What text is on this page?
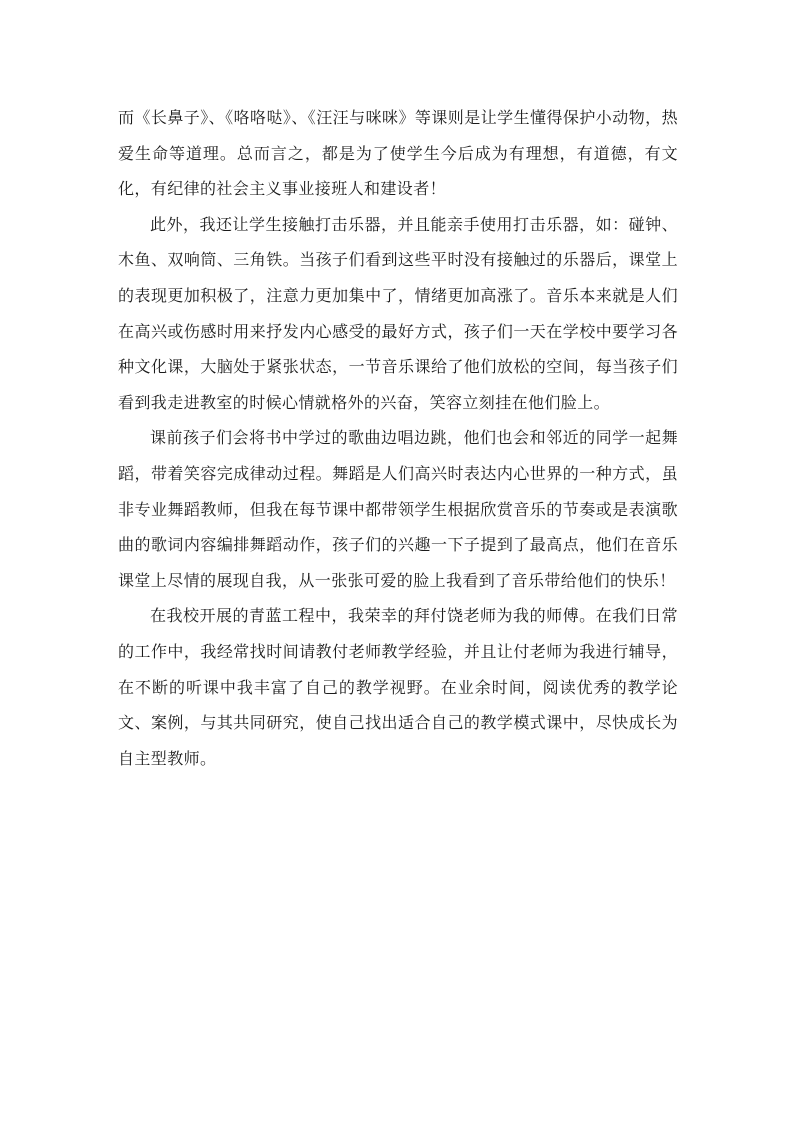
而《长鼻子》、《咯咯哒》、《汪汪与咪咪》等课则是让学生懂得保护小动物，热爱生命等道理。总而言之，都是为了使学生今后成为有理想，有道德，有文化，有纪律的社会主义事业接班人和建设者！

此外，我还让学生接触打击乐器，并且能亲手使用打击乐器，如：碰钟、木鱼、双响筒、三角铁。当孩子们看到这些平时没有接触过的乐器后，课堂上的表现更加积极了，注意力更加集中了，情绪更加高涨了。音乐本来就是人们在高兴或伤感时用来抒发内心感受的最好方式，孩子们一天在学校中要学习各种文化课，大脑处于紧张状态，一节音乐课给了他们放松的空间，每当孩子们看到我走进教室的时候心情就格外的兴奋，笑容立刻挂在他们脸上。

课前孩子们会将书中学过的歌曲边唱边跳，他们也会和邻近的同学一起舞蹈，带着笑容完成律动过程。舞蹈是人们高兴时表达内心世界的一种方式，虽非专业舞蹈教师，但我在每节课中都带领学生根据欣赏音乐的节奏或是表演歌曲的歌词内容编排舞蹈动作，孩子们的兴趣一下子提到了最高点，他们在音乐课堂上尽情的展现自我，从一张张可爱的脸上我看到了音乐带给他们的快乐！

在我校开展的青蓝工程中，我荣幸的拜付饶老师为我的师傅。在我们日常的工作中，我经常找时间请教付老师教学经验，并且让付老师为我进行辅导，在不断的听课中我丰富了自己的教学视野。在业余时间，阅读优秀的教学论文、案例，与其共同研究，使自己找出适合自己的教学模式课中，尽快成长为自主型教师。
